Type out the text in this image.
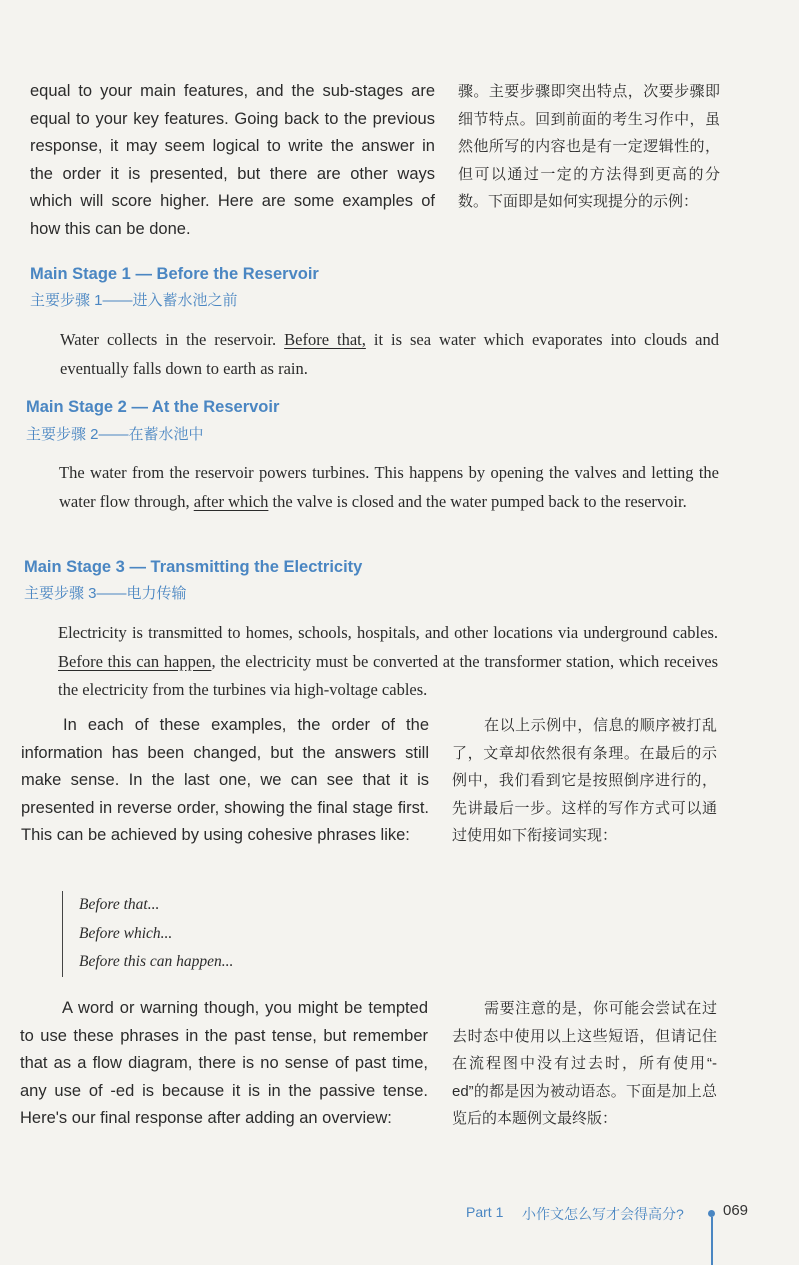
equal to your main features, and the sub-stages are equal to your key features. Going back to the previous response, it may seem logical to write the answer in the order it is presented, but there are other ways which will score higher. Here are some examples of how this can be done.
骤。主要步骤即突出特点，次要步骤即细节特点。回到前面的考生习作中，虽然他所写的内容也是有一定逻辑性的，但可以通过一定的方法得到更高的分数。下面即是如何实现提分的示例：
Main Stage 1 — Before the Reservoir
主要步骤 1——进入蓄水池之前
Water collects in the reservoir. Before that, it is sea water which evaporates into clouds and eventually falls down to earth as rain.
Main Stage 2 — At the Reservoir
主要步骤 2——在蓄水池中
The water from the reservoir powers turbines. This happens by opening the valves and letting the water flow through, after which the valve is closed and the water pumped back to the reservoir.
Main Stage 3 — Transmitting the Electricity
主要步骤 3——电力传输
Electricity is transmitted to homes, schools, hospitals, and other locations via underground cables. Before this can happen, the electricity must be converted at the transformer station, which receives the electricity from the turbines via high-voltage cables.
In each of these examples, the order of the information has been changed, but the answers still make sense. In the last one, we can see that it is presented in reverse order, showing the final stage first. This can be achieved by using cohesive phrases like:
在以上示例中，信息的顺序被打乱了，文章却依然很有条理。在最后的示例中，我们看到它是按照倒序进行的，先讲最后一步。这样的写作方式可以通过使用如下衔接词实现：
Before that...
Before which...
Before this can happen...
A word or warning though, you might be tempted to use these phrases in the past tense, but remember that as a flow diagram, there is no sense of past time, any use of -ed is because it is in the passive tense. Here's our final response after adding an overview:
需要注意的是，你可能会尝试在过去时态中使用以上这些短语，但请记住在流程图中没有过去时，所有使用“-ed”的都是因为被动语态。下面是加上总览后的本题例文最终版：
Part 1 小作文怎么写才会得高分?	069
